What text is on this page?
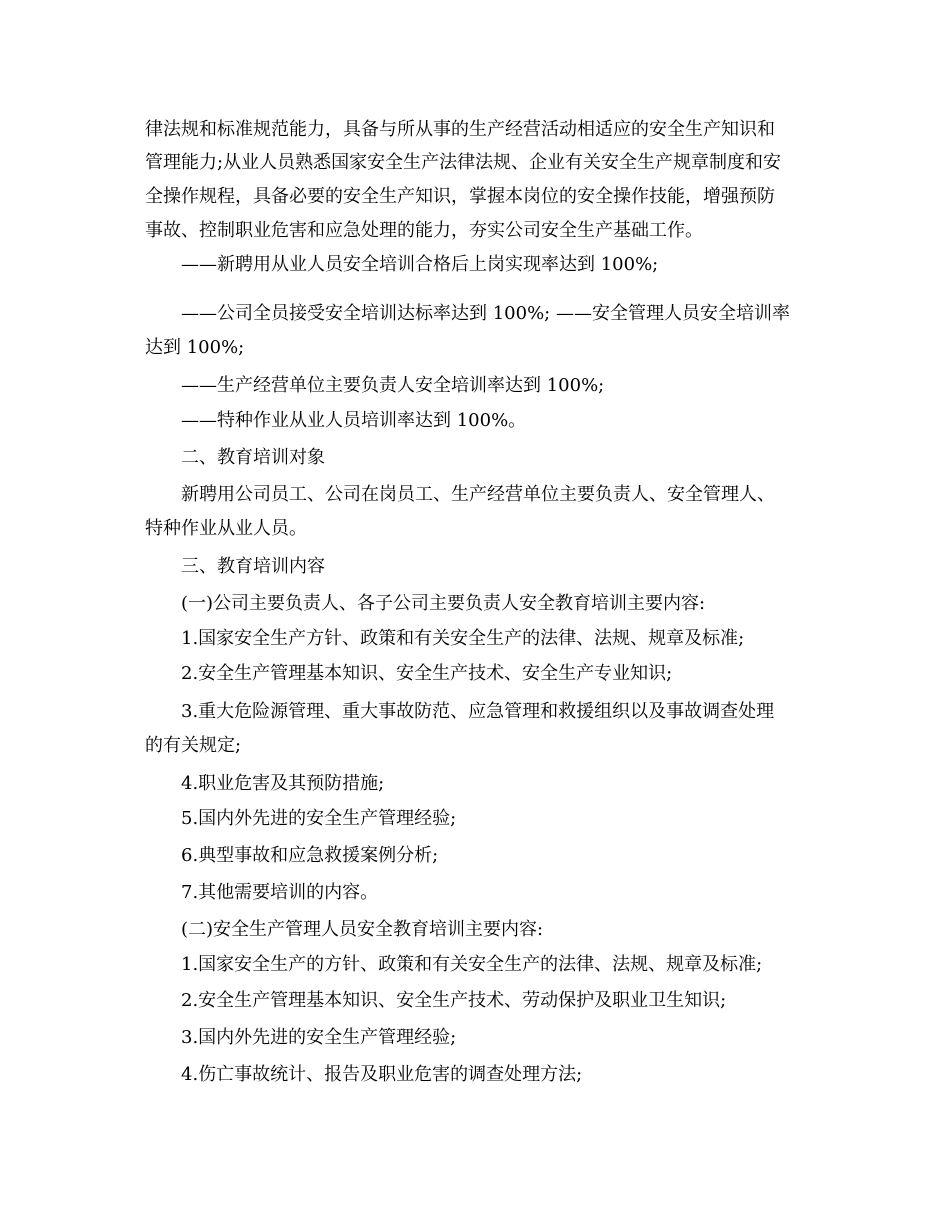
律法规和标准规范能力，具备与所从事的生产经营活动相适应的安全生产知识和
管理能力;从业人员熟悉国家安全生产法律法规、企业有关安全生产规章制度和安
全操作规程，具备必要的安全生产知识，掌握本岗位的安全操作技能，增强预防
事故、控制职业危害和应急处理的能力，夯实公司安全生产基础工作。
——新聘用从业人员安全培训合格后上岗实现率达到 100%;
——公司全员接受安全培训达标率达到 100%; ——安全管理人员安全培训率
达到 100%;
——生产经营单位主要负责人安全培训率达到 100%;
——特种作业从业人员培训率达到 100%。
二、教育培训对象
新聘用公司员工、公司在岗员工、生产经营单位主要负责人、安全管理人、
特种作业从业人员。
三、教育培训内容
(一)公司主要负责人、各子公司主要负责人安全教育培训主要内容:
1.国家安全生产方针、政策和有关安全生产的法律、法规、规章及标准;
2.安全生产管理基本知识、安全生产技术、安全生产专业知识;
3.重大危险源管理、重大事故防范、应急管理和救援组织以及事故调查处理
的有关规定;
4.职业危害及其预防措施;
5.国内外先进的安全生产管理经验;
6.典型事故和应急救援案例分析;
7.其他需要培训的内容。
(二)安全生产管理人员安全教育培训主要内容:
1.国家安全生产的方针、政策和有关安全生产的法律、法规、规章及标准;
2.安全生产管理基本知识、安全生产技术、劳动保护及职业卫生知识;
3.国内外先进的安全生产管理经验;
4.伤亡事故统计、报告及职业危害的调查处理方法;
